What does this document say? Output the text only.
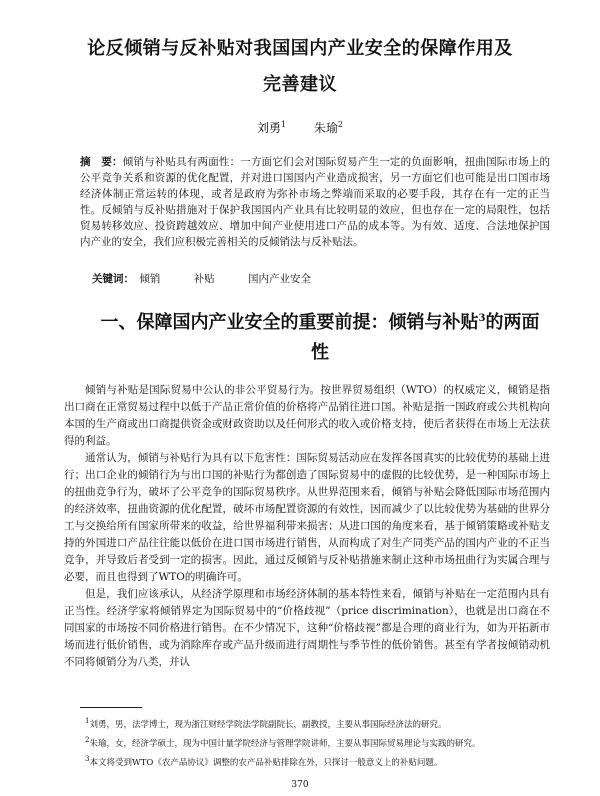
论反倾销与反补贴对我国国内产业安全的保障作用及
完善建议
刘勇$^1$ 朱瑜$^2$
摘　要：倾销与补贴具有两面性：一方面它们会对国际贸易产生一定的负面影响，扭曲国际市场上的公平竞争关系和资源的优化配置，并对进口国国内产业造成损害，另一方面它们也可能是出口国市场经济体制正常运转的体现，或者是政府为弥补市场之弊端而采取的必要手段，其存在有一定的正当性。反倾销与反补贴措施对于保护我国国内产业具有比较明显的效应，但也存在一定的局限性，包括贸易转移效应、投资跨越效应、增加中间产业使用进口产品的成本等。为有效、适度、合法地保护国内产业的安全，我们应积极完善相关的反倾销法与反补贴法。
关键词： 倾销	补贴	国内产业安全
一、保障国内产业安全的重要前提：倾销与补贴$^3$的两面
性

倾销与补贴是国际贸易中公认的非公平贸易行为。按世界贸易组织（WTO）的权威定义，倾销是指出口商在正常贸易过程中以低于产品正常价值的价格将产品销往进口国。补贴是指一国政府或公共机构向本国的生产商或出口商提供资金或财政资助以及任何形式的收入或价格支持，使后者获得在市场上无法获得的利益。

通常认为，倾销与补贴行为具有以下危害性：国际贸易活动应在发挥各国真实的比较优势的基础上进行；出口企业的倾销行为与出口国的补贴行为都创造了国际贸易中的虚假的比较优势，是一种国际市场上的扭曲竞争行为，破坏了公平竞争的国际贸易秩序。从世界范围来看，倾销与补贴会降低国际市场范围内的经济效率，扭曲资源的优化配置，破坏市场配置资源的有效性，因而减少了以比较优势为基础的世界分工与交换给所有国家所带来的收益，给世界福利带来损害；从进口国的角度来看，基于倾销策略或补贴支持的外国进口产品往往能以低价在进口国市场进行销售，从而构成了对生产同类产品的国内产业的不正当竞争，并导致后者受到一定的损害。因此，通过反倾销与反补贴措施来制止这种市场扭曲行为实属合理与必要，而且也得到了WTO的明确许可。

但是，我们应该承认，从经济学原理和市场经济体制的基本特性来看，倾销与补贴在一定范围内具有正当性。经济学家将倾销界定为国际贸易中的“价格歧视”（price discrimination），也就是出口商在不同国家的市场按不同价格进行销售。在不少情况下，这种“价格歧视”都是合理的商业行为，如为开拓新市场而进行低价销售，或为消除库存或产品升级而进行周期性与季节性的低价销售。甚至有学者按倾销动机不同将倾销分为八类，并认

$^1$刘勇，男，法学博士，现为浙江财经学院法学院副院长，副教授，主要从事国际经济法的研究。

$^2$朱瑜，女，经济学硕士，现为中国计量学院经济与管理学院讲师，主要从事国际贸易理论与实践的研究。

$^3$本文将受到WTO《农产品协议》调整的农产品补贴排除在外，只探讨一般意义上的补贴问题。

370
